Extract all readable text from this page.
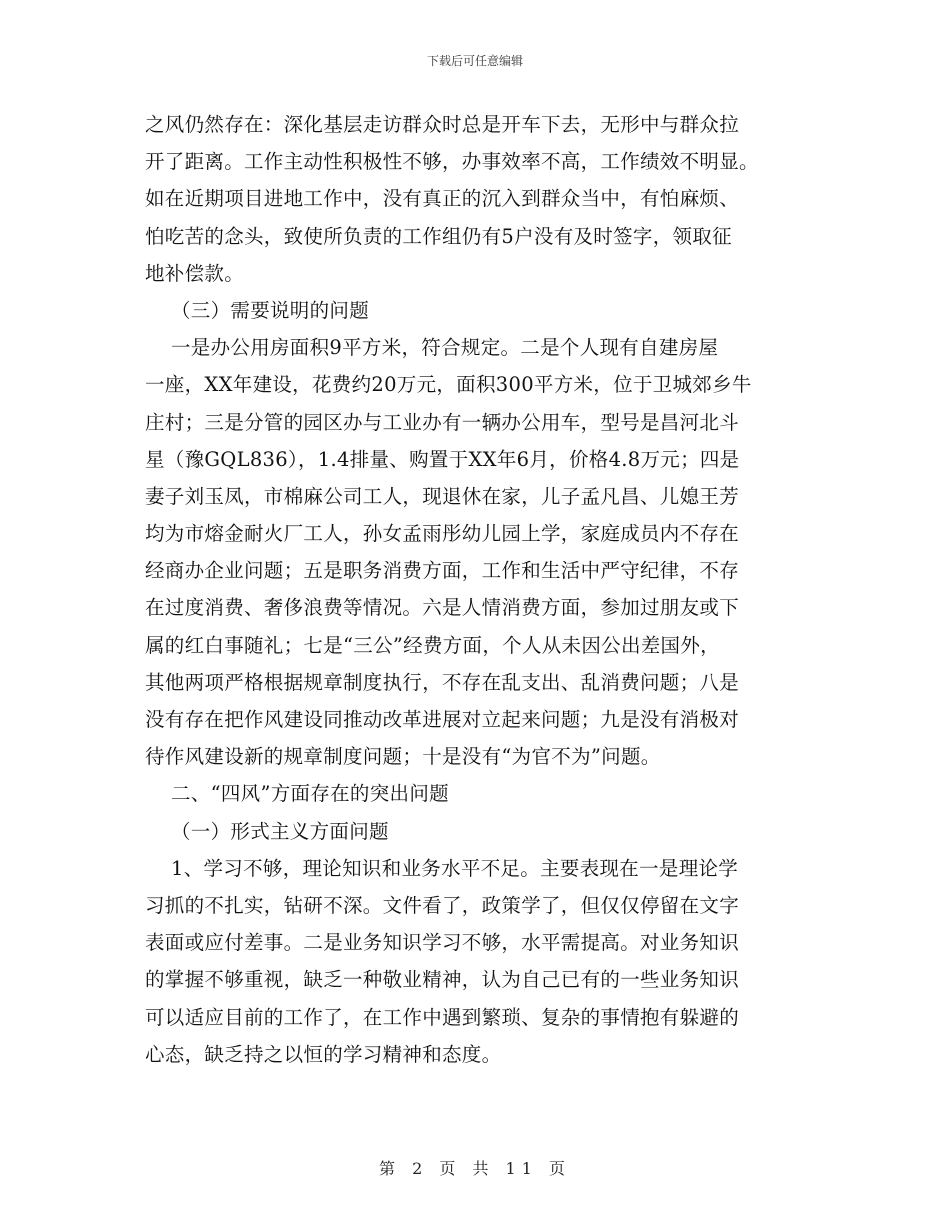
下载后可任意编辑
之风仍然存在：深化基层走访群众时总是开车下去，无形中与群众拉
开了距离。工作主动性积极性不够，办事效率不高，工作绩效不明显。
如在近期项目进地工作中，没有真正的沉入到群众当中，有怕麻烦、
怕吃苦的念头，致使所负责的工作组仍有5户没有及时签字，领取征
地补偿款。
（三）需要说明的问题
一是办公用房面积9平方米，符合规定。二是个人现有自建房屋
一座，XX年建设，花费约20万元，面积300平方米，位于卫城郊乡牛
庄村；三是分管的园区办与工业办有一辆办公用车，型号是昌河北斗
星（豫GQL836），1.4排量、购置于XX年6月，价格4.8万元；四是
妻子刘玉凤，市棉麻公司工人，现退休在家，儿子孟凡昌、儿媳王芳
均为市熔金耐火厂工人，孙女孟雨彤幼儿园上学，家庭成员内不存在
经商办企业问题；五是职务消费方面，工作和生活中严守纪律，不存
在过度消费、奢侈浪费等情况。六是人情消费方面，参加过朋友或下
属的红白事随礼；七是“三公”经费方面，个人从未因公出差国外，
其他两项严格根据规章制度执行，不存在乱支出、乱消费问题；八是
没有存在把作风建设同推动改革进展对立起来问题；九是没有消极对
待作风建设新的规章制度问题；十是没有“为官不为”问题。
二、“四风”方面存在的突出问题
（一）形式主义方面问题
1、学习不够，理论知识和业务水平不足。主要表现在一是理论学
习抓的不扎实，钻研不深。文件看了，政策学了，但仅仅停留在文字
表面或应付差事。二是业务知识学习不够，水平需提高。对业务知识
的掌握不够重视，缺乏一种敬业精神，认为自己已有的一些业务知识
可以适应目前的工作了，在工作中遇到繁琐、复杂的事情抱有躲避的
心态，缺乏持之以恒的学习精神和态度。
第 2 页 共 11 页
